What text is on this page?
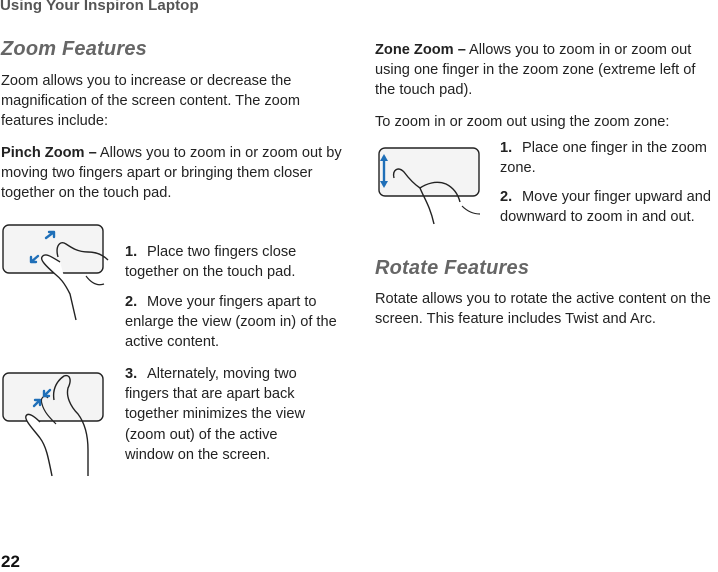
Using Your Inspiron Laptop
Zoom Features
Zoom allows you to increase or decrease the magnification of the screen content. The zoom features include:
Pinch Zoom – Allows you to zoom in or zoom out by moving two fingers apart or bringing them closer together on the touch pad.
1. Place two fingers close together on the touch pad.
2. Move your fingers apart to enlarge the view (zoom in) of the active content.
3. Alternately, moving two fingers that are apart back together minimizes the view (zoom out) of the active window on the screen.
22
Zone Zoom – Allows you to zoom in or zoom out using one finger in the zoom zone (extreme left of the touch pad).
To zoom in or zoom out using the zoom zone:
1. Place one finger in the zoom zone.
2. Move your finger upward and downward to zoom in and out.
Rotate Features
Rotate allows you to rotate the active content on the screen. This feature includes Twist and Arc.
